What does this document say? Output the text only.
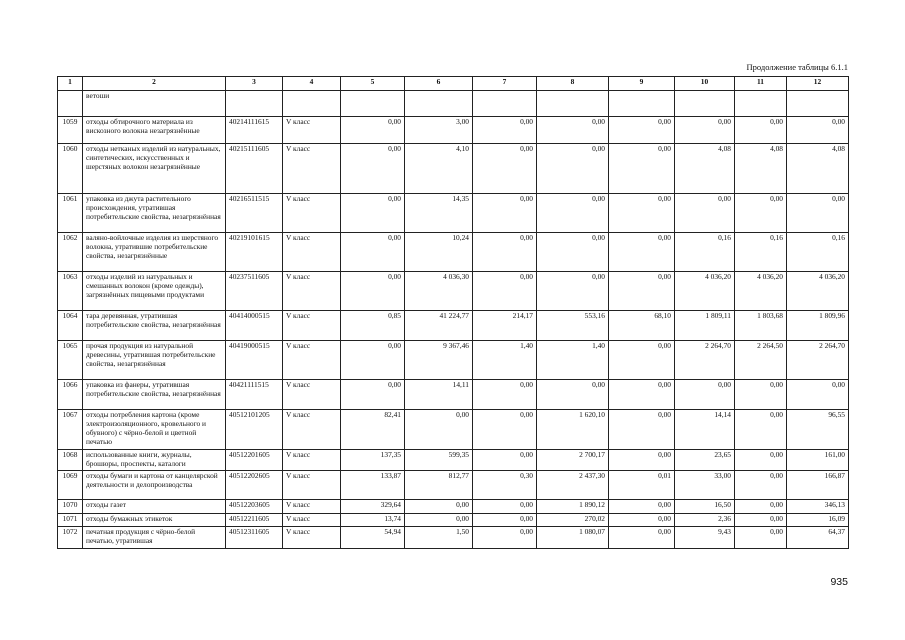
Продолжение таблицы 6.1.1
1	2	3	4	5	6	7	8	9	10	11	12
	ветоши										
1059	отходы обтирочного материала из вискозного волокна незагрязнённые	40214111615	V класс	0,00	3,00	0,00	0,00	0,00	0,00	0,00	0,00
1060	отходы нетканых изделий из натуральных, синтетических, искусственных и шерстяных волокон незагрязнённые	40215111605	V класс	0,00	4,10	0,00	0,00	0,00	4,08	4,08	4,08
1061	упаковка из джута растительного происхождения, утратившая потребительские свойства, незагрязнённая	40216511515	V класс	0,00	14,35	0,00	0,00	0,00	0,00	0,00	0,00
1062	валяно-войлочные изделия из шерстяного волокна, утратившие потребительские свойства, незагрязнённые	40219101615	V класс	0,00	10,24	0,00	0,00	0,00	0,16	0,16	0,16
1063	отходы изделий из натуральных и смешанных волокон (кроме одежды), загрязнённых пищевыми продуктами	40237511605	V класс	0,00	4 036,30	0,00	0,00	0,00	4 036,20	4 036,20	4 036,20
1064	тара деревянная, утратившая потребительские свойства, незагрязнённая	40414000515	V класс	0,85	41 224,77	214,17	553,16	68,10	1 809,11	1 803,68	1 809,96
1065	прочая продукция из натуральной древесины, утратившая потребительские свойства, незагрязнённая	40419000515	V класс	0,00	9 367,46	1,40	1,40	0,00	2 264,70	2 264,50	2 264,70
1066	упаковка из фанеры, утратившая потребительские свойства, незагрязнённая	40421111515	V класс	0,00	14,11	0,00	0,00	0,00	0,00	0,00	0,00
1067	отходы потребления картона (кроме электроизоляционного, кровельного и обувного) с чёрно-белой и цветной печатью	40512101205	V класс	82,41	0,00	0,00	1 620,10	0,00	14,14	0,00	96,55
1068	использованные книги, журналы, брошюры, проспекты, каталоги	40512201605	V класс	137,35	599,35	0,00	2 700,17	0,00	23,65	0,00	161,00
1069	отходы бумаги и картона от канцелярской деятельности и делопроизводства	40512202605	V класс	133,87	812,77	0,30	2 437,30	0,01	33,00	0,00	166,87
1070	отходы газет	40512203605	V класс	329,64	0,00	0,00	1 890,12	0,00	16,50	0,00	346,13
1071	отходы бумажных этикеток	40512211605	V класс	13,74	0,00	0,00	270,02	0,00	2,36	0,00	16,09
1072	печатная продукция с чёрно-белой печатью, утратившая	40512311605	V класс	54,94	1,50	0,00	1 080,07	0,00	9,43	0,00	64,37
935
